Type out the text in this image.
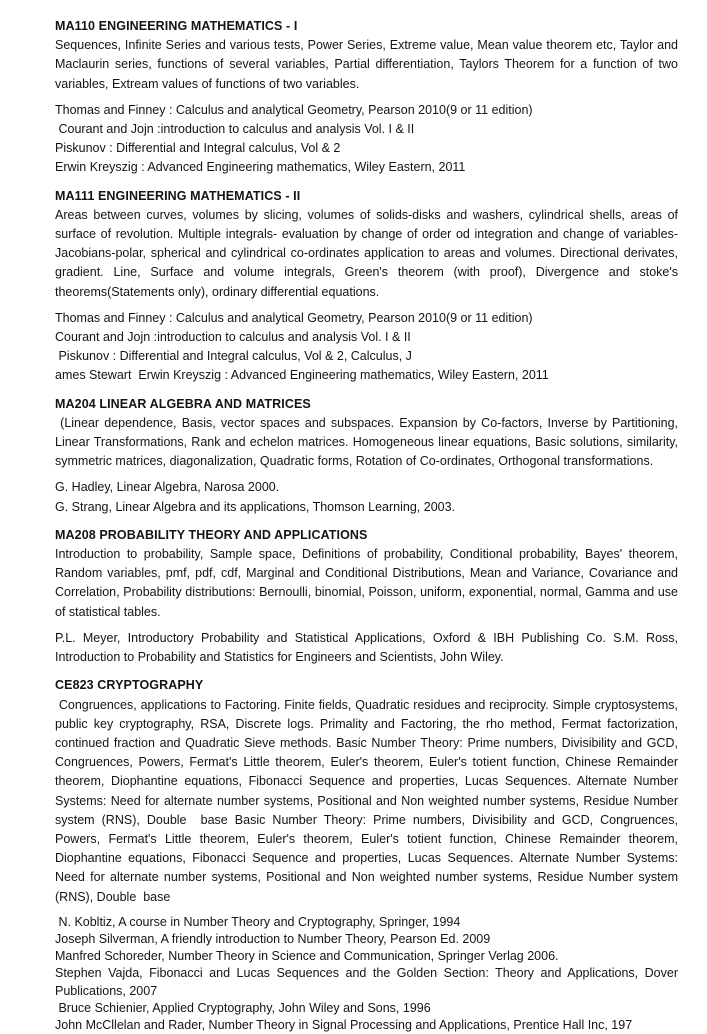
MA110 ENGINEERING MATHEMATICS - I

Sequences, Infinite Series and various tests, Power Series, Extreme value, Mean value theorem etc, Taylor and Maclaurin series, functions of several variables, Partial differentiation, Taylors Theorem for a function of two variables, Extream values of functions of two variables.

Thomas and Finney : Calculus and analytical Geometry, Pearson 2010(9 or 11 edition)

Courant and Jojn :introduction to calculus and analysis Vol. I & II

Piskunov : Differential and Integral calculus, Vol & 2

Erwin Kreyszig : Advanced Engineering mathematics, Wiley Eastern, 2011

MA111 ENGINEERING MATHEMATICS - II

Areas between curves, volumes by slicing, volumes of solids-disks and washers, cylindrical shells, areas of surface of revolution. Multiple integrals- evaluation by change of order od integration and change of variables-Jacobians-polar, spherical and cylindrical co-ordinates application to areas and volumes. Directional derivates, gradient. Line, Surface and volume integrals, Green's theorem (with proof), Divergence and stoke's theorems(Statements only), ordinary differential equations.

Thomas and Finney : Calculus and analytical Geometry, Pearson 2010(9 or 11 edition)

Courant and Jojn :introduction to calculus and analysis Vol. I & II

Piskunov : Differential and Integral calculus, Vol & 2, Calculus, J

ames Stewart  Erwin Kreyszig : Advanced Engineering mathematics, Wiley Eastern, 2011

MA204 LINEAR ALGEBRA AND MATRICES

(Linear dependence, Basis, vector spaces and subspaces. Expansion by Co-factors, Inverse by Partitioning, Linear Transformations, Rank and echelon matrices. Homogeneous linear equations, Basic solutions, similarity, symmetric matrices, diagonalization, Quadratic forms, Rotation of Co-ordinates, Orthogonal transformations.

G. Hadley, Linear Algebra, Narosa 2000.

G. Strang, Linear Algebra and its applications, Thomson Learning, 2003.

MA208 PROBABILITY THEORY AND APPLICATIONS

Introduction to probability, Sample space, Definitions of probability, Conditional probability, Bayes' theorem, Random variables, pmf, pdf, cdf, Marginal and Conditional Distributions, Mean and Variance, Covariance and Correlation, Probability distributions: Bernoulli, binomial, Poisson, uniform, exponential, normal, Gamma and use of statistical tables.

P.L. Meyer, Introductory Probability and Statistical Applications, Oxford & IBH Publishing Co. S.M. Ross, Introduction to Probability and Statistics for Engineers and Scientists, John Wiley.

CE823 CRYPTOGRAPHY

Congruences, applications to Factoring. Finite fields, Quadratic residues and reciprocity. Simple cryptosystems, public key cryptography, RSA, Discrete logs. Primality and Factoring, the rho method, Fermat factorization, continued fraction and Quadratic Sieve methods. Basic Number Theory: Prime numbers, Divisibility and GCD, Congruences, Powers, Fermat's Little theorem, Euler's theorem, Euler's totient function, Chinese Remainder theorem, Diophantine equations, Fibonacci Sequence and properties, Lucas Sequences. Alternate Number Systems: Need for alternate number systems, Positional and Non weighted number systems, Residue Number system (RNS), Double  base Basic Number Theory: Prime numbers, Divisibility and GCD, Congruences, Powers, Fermat's Little theorem, Euler's theorem, Euler's totient function, Chinese Remainder theorem, Diophantine equations, Fibonacci Sequence and properties, Lucas Sequences. Alternate Number Systems: Need for alternate number systems, Positional and Non weighted number systems, Residue Number system (RNS), Double  base

N. Kobltiz, A course in Number Theory and Cryptography, Springer, 1994

Joseph Silverman, A friendly introduction to Number Theory, Pearson Ed. 2009

Manfred Schoreder, Number Theory in Science and Communication, Springer Verlag 2006.

Stephen Vajda, Fibonacci and Lucas Sequences and the Golden Section: Theory and Applications, Dover Publications, 2007

Bruce Schienier, Applied Cryptography, John Wiley and Sons, 1996

John McCllelan and Rader, Number Theory in Signal Processing and Applications, Prentice Hall Inc, 197
